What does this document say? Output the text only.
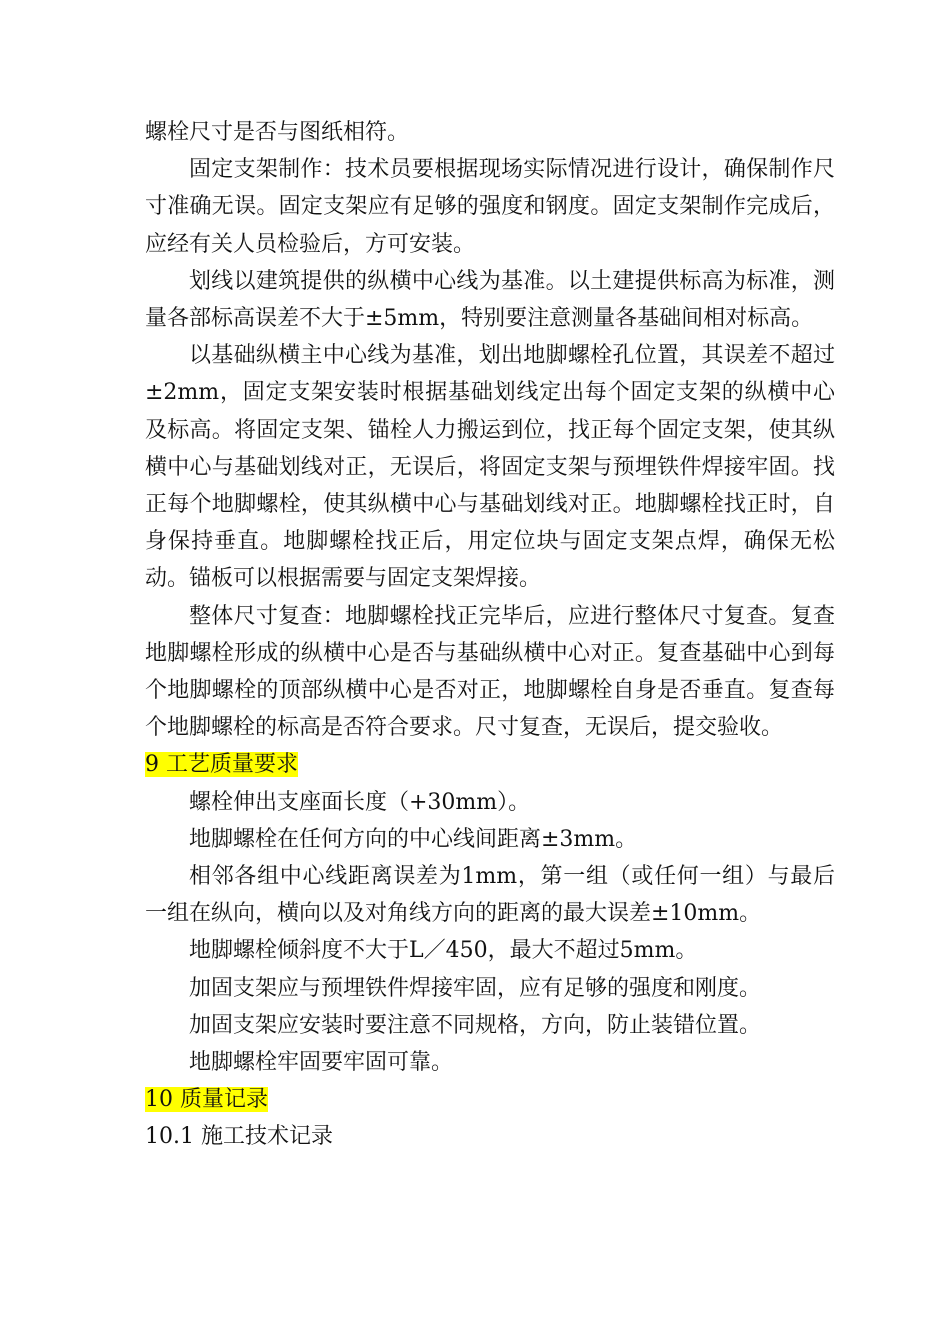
螺栓尺寸是否与图纸相符。

固定支架制作：技术员要根据现场实际情况进行设计，确保制作尺寸准确无误。固定支架应有足够的强度和钢度。固定支架制作完成后，应经有关人员检验后，方可安装。

划线以建筑提供的纵横中心线为基准。以土建提供标高为标准，测量各部标高误差不大于±5mm，特别要注意测量各基础间相对标高。

以基础纵横主中心线为基准，划出地脚螺栓孔位置，其误差不超过±2mm，固定支架安装时根据基础划线定出每个固定支架的纵横中心及标高。将固定支架、锚栓人力搬运到位，找正每个固定支架，使其纵横中心与基础划线对正，无误后，将固定支架与预埋铁件焊接牢固。找正每个地脚螺栓，使其纵横中心与基础划线对正。地脚螺栓找正时，自身保持垂直。地脚螺栓找正后，用定位块与固定支架点焊，确保无松动。锚板可以根据需要与固定支架焊接。

整体尺寸复查：地脚螺栓找正完毕后，应进行整体尺寸复查。复查地脚螺栓形成的纵横中心是否与基础纵横中心对正。复查基础中心到每个地脚螺栓的顶部纵横中心是否对正，地脚螺栓自身是否垂直。复查每个地脚螺栓的标高是否符合要求。尺寸复查，无误后，提交验收。

9 工艺质量要求

螺栓伸出支座面长度（+30mm）。

地脚螺栓在任何方向的中心线间距离±3mm。

相邻各组中心线距离误差为1mm，第一组（或任何一组）与最后一组在纵向，横向以及对角线方向的距离的最大误差±10mm。

地脚螺栓倾斜度不大于L／450，最大不超过5mm。

加固支架应与预埋铁件焊接牢固，应有足够的强度和刚度。

加固支架应安装时要注意不同规格，方向，防止装错位置。

地脚螺栓牢固要牢固可靠。

10 质量记录

10.1 施工技术记录
